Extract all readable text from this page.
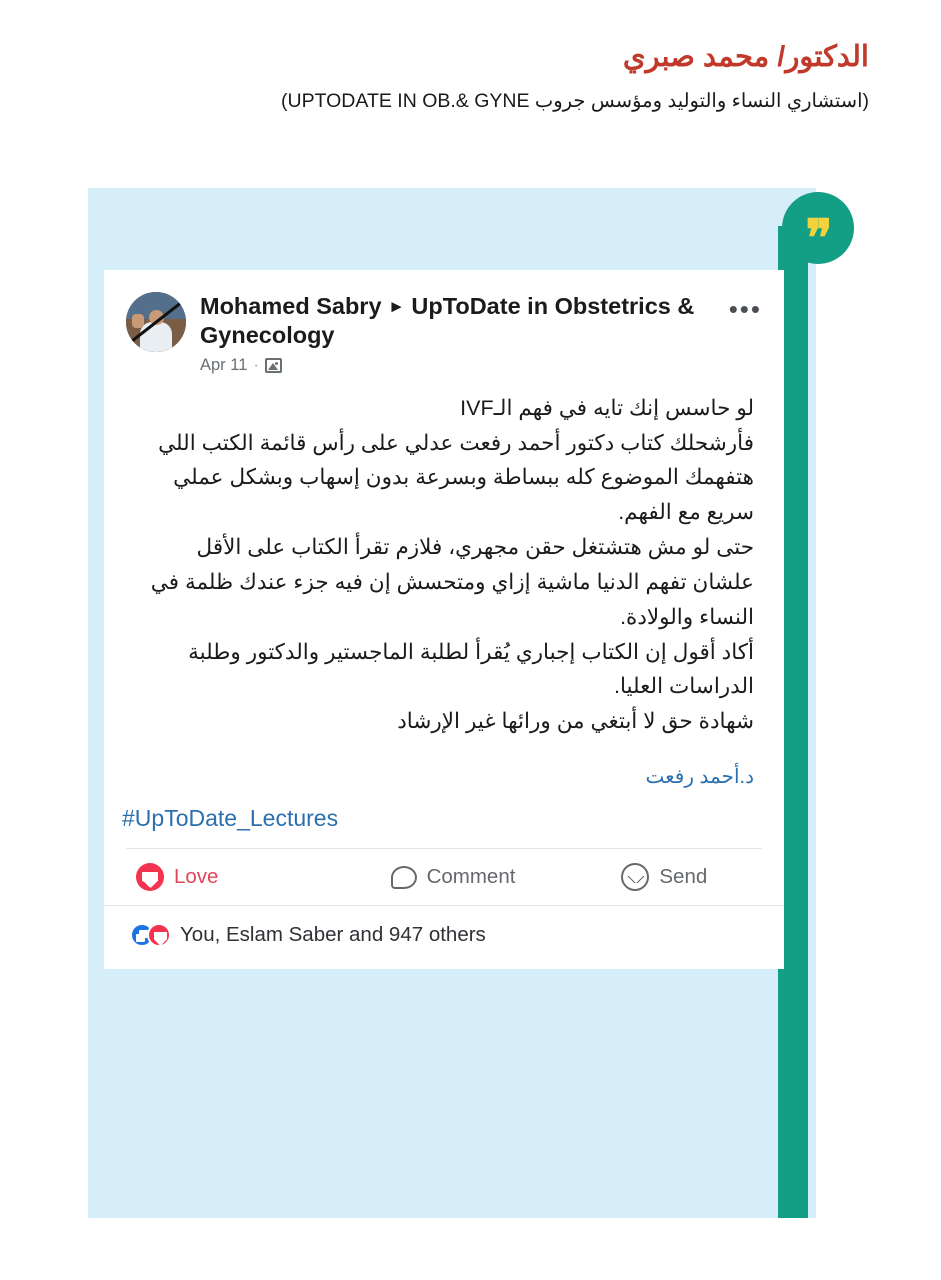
الدكتور/ محمد صبري
(استشاري النساء والتوليد ومؤسس جروب UPTODATE IN OB.& GYNE)
❞
•••
Mohamed Sabry ► UpToDate in Obstetrics & Gynecology
Apr 11 ·

لو حاسس إنك تايه في فهم الـIVF

فأرشحلك كتاب دكتور أحمد رفعت عدلي على رأس قائمة الكتب اللي هتفهمك الموضوع كله ببساطة وبسرعة بدون إسهاب وبشكل عملي سريع مع الفهم.

حتى لو مش هتشتغل حقن مجهري، فلازم تقرأ الكتاب على الأقل علشان تفهم الدنيا ماشية إزاي ومتحسش إن فيه جزء عندك ظلمة في النساء والولادة.

أكاد أقول إن الكتاب إجباري يُقرأ لطلبة الماجستير والدكتور وطلبة الدراسات العليا.

شهادة حق لا أبتغي من ورائها غير الإرشاد

د.أحمد رفعت
#UpToDate_Lectures
Love	Comment	Send
You, Eslam Saber and 947 others
